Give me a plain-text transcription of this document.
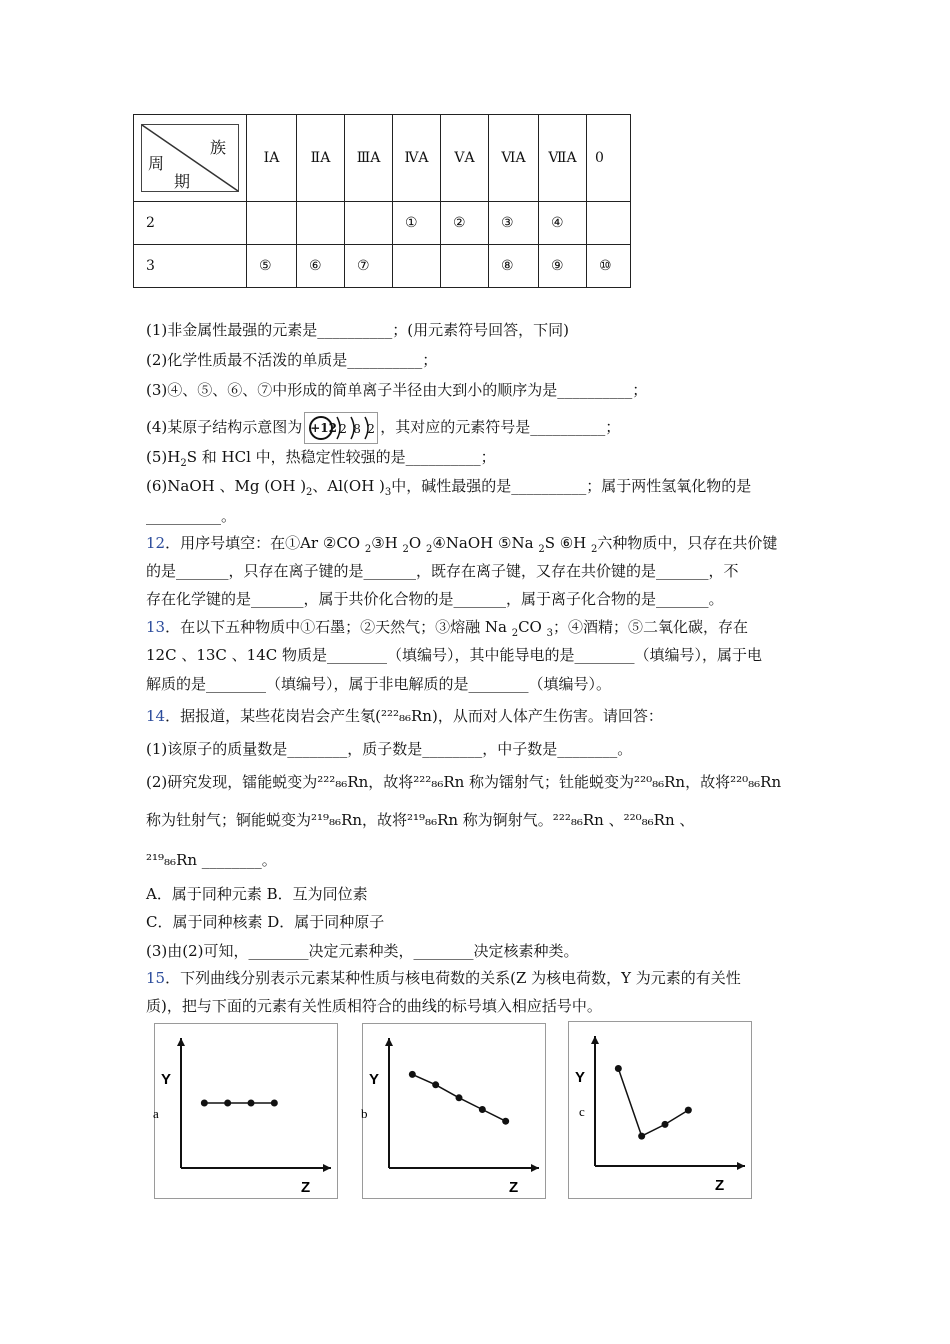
族
周
期	ⅠA	ⅡA	ⅢA	ⅣA	ⅤA	ⅥA	ⅦA	0
2				①	②	③	④	
3	⑤	⑥	⑦			⑧	⑨	⑩
(1)非金属性最强的元素是__________；(用元素符号回答，下同)
(2)化学性质最不活泼的单质是__________；
(3)④、⑤、⑥、⑦中形成的简单离子半径由大到小的顺序为是__________；
(4)某原子结构示意图为 +12 2 8 2 ，其对应的元素符号是__________；
$(5)H_2S$ 和 HCl 中，热稳定性较强的是__________；
(6)NaOH 、Mg (OH )$_2$、Al(OH )$_3$中，碱性最强的是__________；属于两性氢氧化物的是
__________。
12．用序号填空：在①Ar ②CO $_2$③H $_2$O $_2$④NaOH ⑤Na $_2$S ⑥H $_2$六种物质中，只存在共价键
的是_______，只存在离子键的是_______，既存在离子键，又存在共价键的是_______，不
存在化学键的是_______，属于共价化合物的是_______，属于离子化合物的是_______。
13．在以下五种物质中①石墨；②天然气；③熔融 Na $_2$CO $_3$；④酒精；⑤二氧化碳，存在
12C 、13C 、14C 物质是________（填编号），其中能导电的是________（填编号），属于电
解质的是________（填编号），属于非电解质的是________（填编号）。
14．据报道，某些花岗岩会产生氡(²²²₈₆Rn)，从而对人体产生伤害。请回答：
(1)该原子的质量数是________，质子数是________，中子数是________。
(2)研究发现，镭能蜕变为²²²₈₆Rn，故将²²²₈₆Rn 称为镭射气；钍能蜕变为²²⁰₈₆Rn，故将²²⁰₈₆Rn
称为钍射气；锕能蜕变为²¹⁹₈₆Rn，故将²¹⁹₈₆Rn 称为锕射气。²²²₈₆Rn 、²²⁰₈₆Rn 、
²¹⁹₈₆Rn ________。
A．属于同种元素 B．互为同位素
C．属于同种核素 D．属于同种原子
(3)由(2)可知，________决定元素种类，________决定核素种类。
15．下列曲线分别表示元素某种性质与核电荷数的关系(Z 为核电荷数，Y 为元素的有关性
质)，把与下面的元素有关性质相符合的曲线的标号填入相应括号中。
Y
Z
a
Y
Z
b
Y
Z
c
